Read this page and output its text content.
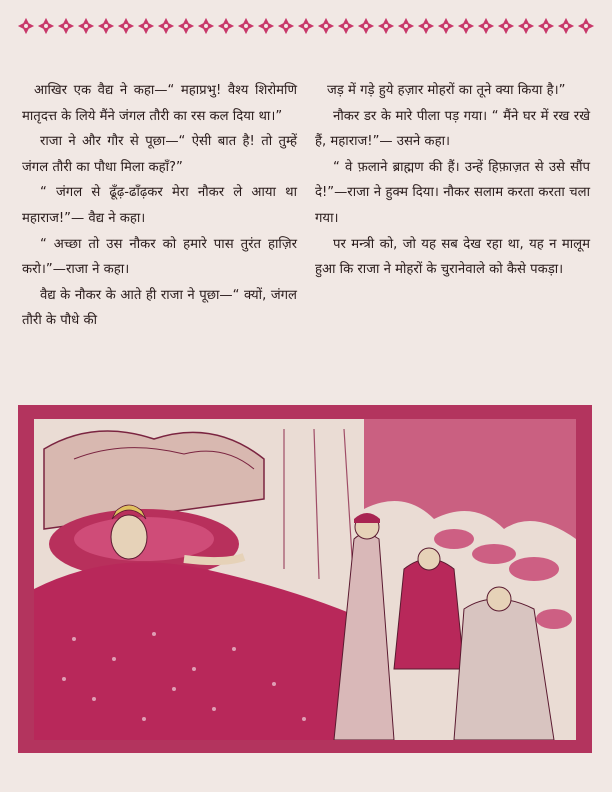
आखिर एक वैद्य ने कहा—“ महाप्रभु! वैश्य शिरोमणि मातृदत्त के लिये मैंने जंगल तौरी का रस कल दिया था।”

राजा ने और गौर से पूछा—“ ऐसी बात है! तो तुम्हें जंगल तौरी का पौधा मिला कहाँ?”

“ जंगल से ढूँढ़-ढाँढ़कर मेरा नौकर ले आया था महाराज!”— वैद्य ने कहा।

“ अच्छा तो उस नौकर को हमारे पास तुरंत हाज़िर करो।”—राजा ने कहा।

वैद्य के नौकर के आते ही राजा ने पूछा—“ क्यों, जंगल तौरी के पौधे की

जड़ में गड़े हुये हज़ार मोहरों का तूने क्या किया है।”

नौकर डर के मारे पीला पड़ गया। “ मैंने घर में रख रखे हैं, महाराज!”— उसने कहा।

“ वे फ़लाने ब्राह्मण की हैं। उन्हें हिफ़ाज़त से उसे सौंप दे!”—राजा ने हुक्म दिया। नौकर सलाम करता करता चला गया।

पर मन्त्री को, जो यह सब देख रहा था, यह न मालूम हुआ कि राजा ने मोहरों के चुरानेवाले को कैसे पकड़ा।
